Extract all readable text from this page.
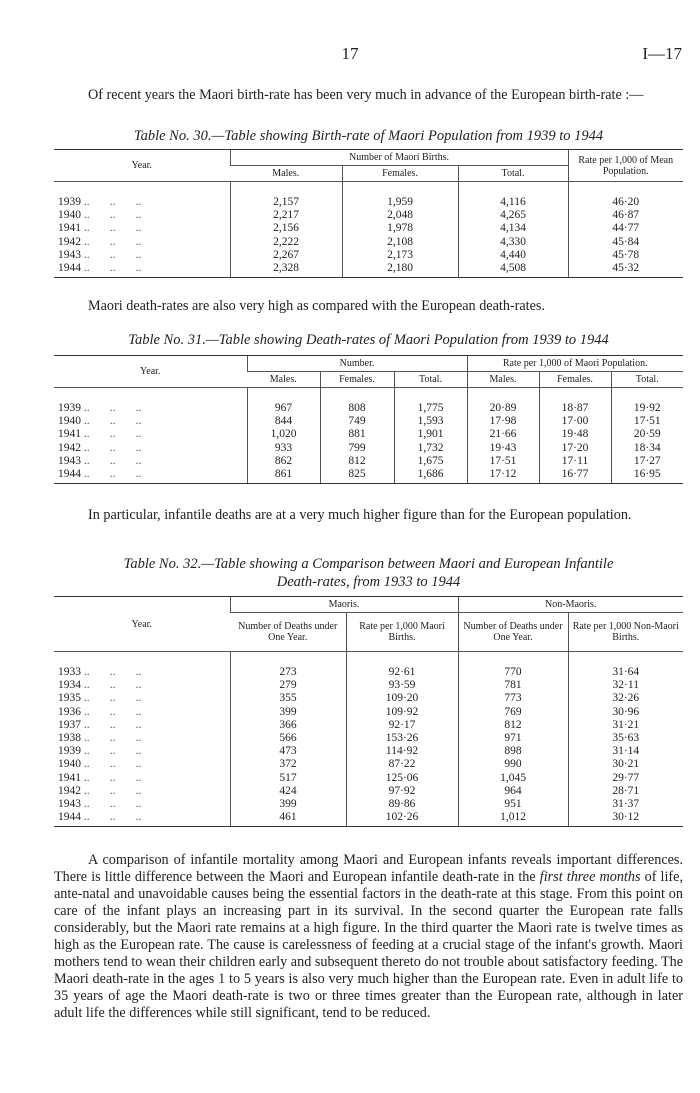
17	I—17

Of recent years the Maori birth-rate has been very much in advance of the European birth-rate :—

Table No. 30.—Table showing Birth-rate of Maori Population from 1939 to 1944

Year.	Number of Maori Births.			Rate per 1,000 of Mean Population.
	Males.	Females.	Total.	
1939 ..       ..       ..	2,157	1,959	4,116	46·20
1940 ..       ..       ..	2,217	2,048	4,265	46·87
1941 ..       ..       ..	2,156	1,978	4,134	44·77
1942 ..       ..       ..	2,222	2,108	4,330	45·84
1943 ..       ..       ..	2,267	2,173	4,440	45·78
1944 ..       ..       ..	2,328	2,180	4,508	45·32

Maori death-rates are also very high as compared with the European death-rates.

Table No. 31.—Table showing Death-rates of Maori Population from 1939 to 1944

Year.	Number.			Rate per 1,000 of Maori Population.		
	Males.	Females.	Total.	Males.	Females.	Total.
1939 ..       ..       ..	967	808	1,775	20·89	18·87	19·92
1940 ..       ..       ..	844	749	1,593	17·98	17·00	17·51
1941 ..       ..       ..	1,020	881	1,901	21·66	19·48	20·59
1942 ..       ..       ..	933	799	1,732	19·43	17·20	18·34
1943 ..       ..       ..	862	812	1,675	17·51	17·11	17·27
1944 ..       ..       ..	861	825	1,686	17·12	16·77	16·95

In particular, infantile deaths are at a very much higher figure than for the European population.

Table No. 32.—Table showing a Comparison between Maori and European Infantile
Death-rates, from 1933 to 1944

Year.	Maoris.		Non-Maoris.	
	Number of Deaths under One Year.	Rate per 1,000 Maori Births.	Number of Deaths under One Year.	Rate per 1,000 Non-Maori Births.
1933 ..       ..       ..	273	92·61	770	31·64
1934 ..       ..       ..	279	93·59	781	32·11
1935 ..       ..       ..	355	109·20	773	32·26
1936 ..       ..       ..	399	109·92	769	30·96
1937 ..       ..       ..	366	92·17	812	31·21
1938 ..       ..       ..	566	153·26	971	35·63
1939 ..       ..       ..	473	114·92	898	31·14
1940 ..       ..       ..	372	87·22	990	30·21
1941 ..       ..       ..	517	125·06	1,045	29·77
1942 ..       ..       ..	424	97·92	964	28·71
1943 ..       ..       ..	399	89·86	951	31·37
1944 ..       ..       ..	461	102·26	1,012	30·12

A comparison of infantile mortality among Maori and European infants reveals important differences. There is little difference between the Maori and European infantile death-rate in the first three months of life, ante-natal and unavoidable causes being the essential factors in the death-rate at this stage. From this point on care of the infant plays an increasing part in its survival. In the second quarter the European rate falls considerably, but the Maori rate remains at a high figure. In the third quarter the Maori rate is twelve times as high as the European rate. The cause is carelessness of feeding at a crucial stage of the infant's growth. Maori mothers tend to wean their children early and subsequent thereto do not trouble about satisfactory feeding. The Maori death-rate in the ages 1 to 5 years is also very much higher than the European rate. Even in adult life to 35 years of age the Maori death-rate is two or three times greater than the European rate, although in later adult life the differences while still significant, tend to be reduced.
